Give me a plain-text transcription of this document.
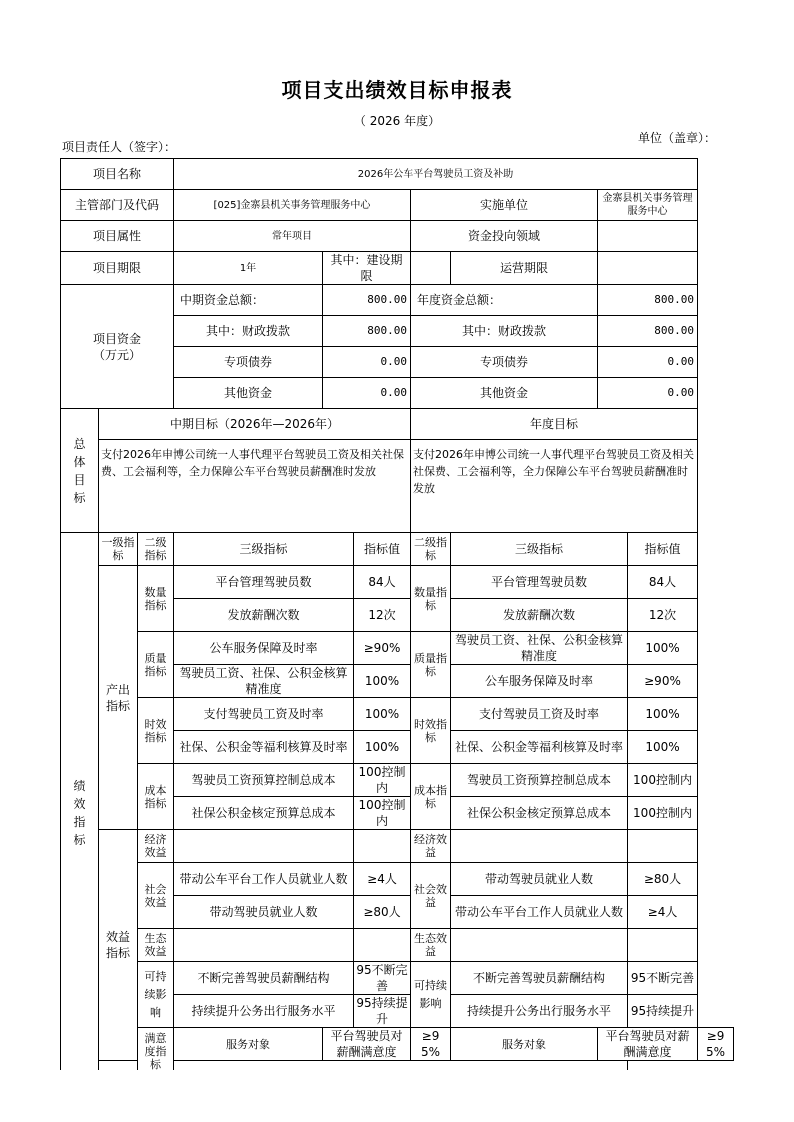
项目支出绩效目标申报表
（ 2026 年度）
项目责任人（签字）：
单位（盖章）：
项目名称			2026年公车平台驾驶员工资及补助							
主管部门及代码			[025]金寨县机关事务管理服务中心			实施单位		金寨县机关事务管理服务中心		
项目属性			常年项目			资金投向领域				
项目期限			1年	其中：建设期限			运营期限			
项目资金
（万元）			中期资金总额：	800.00		年度资金总额：		800.00		
			其中：财政拨款	800.00		其中：财政拨款		800.00		
			专项债券	0.00		专项债券		0.00		
			其他资金	0.00		其他资金		0.00		
总体目标	中期目标（2026年—2026年）					年度目标				
	支付2026年申博公司统一人事代理平台驾驶员工资及相关社保费、工会福利等，全力保障公车平台驾驶员薪酬准时发放					支付2026年申博公司统一人事代理平台驾驶员工资及相关社保费、工会福利等，全力保障公车平台驾驶员薪酬准时发放				
绩效指标	一级指标	二级指标	三级指标		指标值	二级指标	三级指标		指标值	
	产出指标	数量指标	平台管理驾驶员数		84人	数量指标	平台管理驾驶员数		84人	
			发放薪酬次数		12次		发放薪酬次数		12次	
		质量指标	公车服务保障及时率		≥90%	质量指标	驾驶员工资、社保、公积金核算精准度		100%	
			驾驶员工资、社保、公积金核算精准度		100%		公车服务保障及时率		≥90%	
		时效指标	支付驾驶员工资及时率		100%	时效指标	支付驾驶员工资及时率		100%	
			社保、公积金等福利核算及时率		100%		社保、公积金等福利核算及时率		100%	
		成本指标	驾驶员工资预算控制总成本		100控制内	成本指标	驾驶员工资预算控制总成本		100控制内	
			社保公积金核定预算总成本		100控制内		社保公积金核定预算总成本		100控制内	
	效益指标	经济效益				经济效益				
		社会效益	带动公车平台工作人员就业人数		≥4人	社会效益	带动驾驶员就业人数		≥80人	
			带动驾驶员就业人数		≥80人		带动公车平台工作人员就业人数		≥4人	
		生态效益				生态效益				
		可持续影响	不断完善驾驶员薪酬结构		95不断完善	可持续影响	不断完善驾驶员薪酬结构		95不断完善	
			持续提升公务出行服务水平		95持续提升		持续提升公务出行服务水平		95持续提升	
		满意度指标	服务对象	平台驾驶员对薪酬满意度		≥95%	服务对象	平台驾驶员对薪酬满意度		≥95%
